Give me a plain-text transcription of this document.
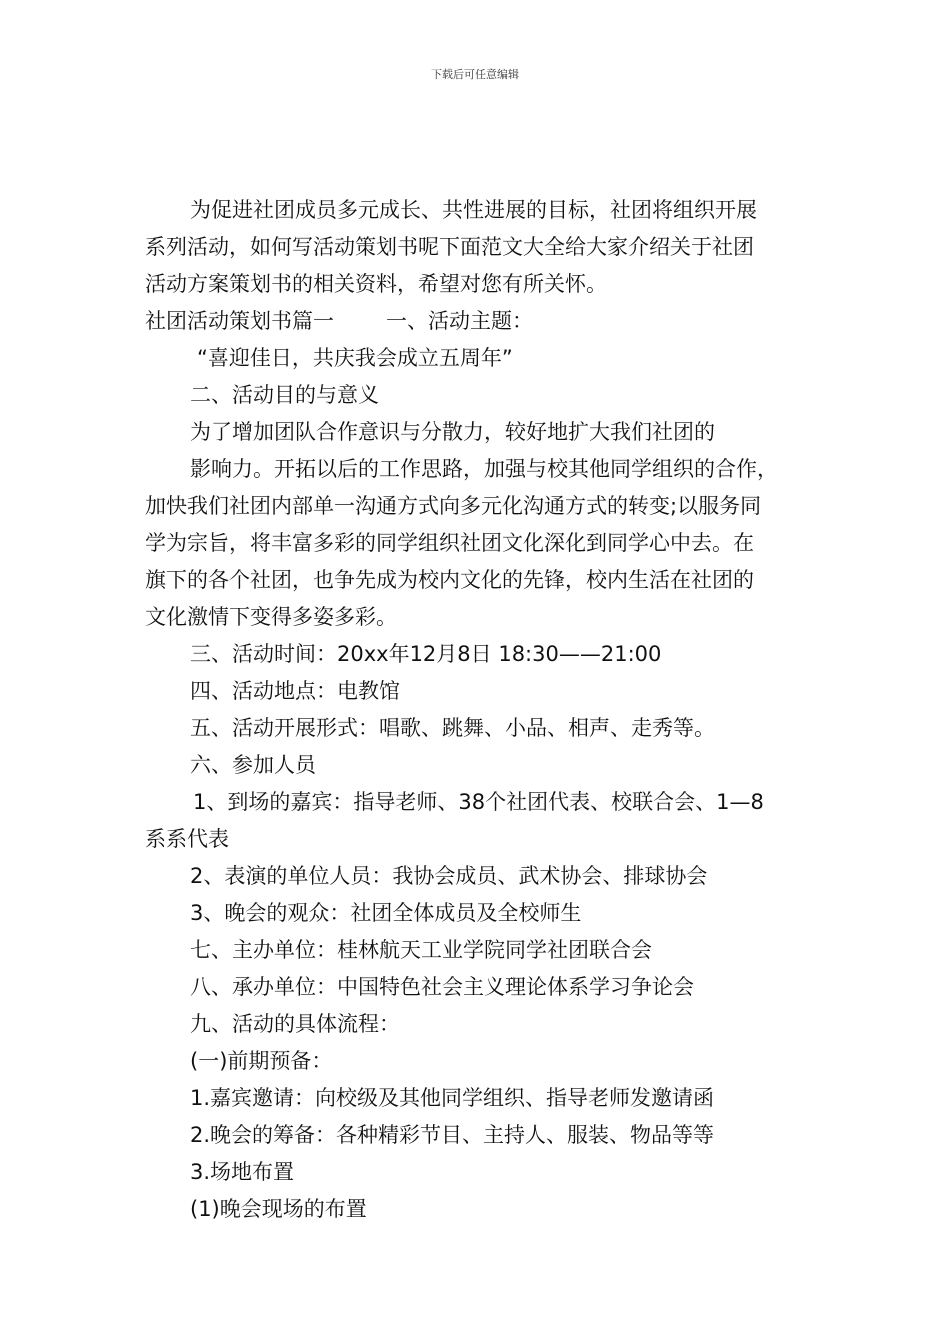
下载后可任意编辑
为促进社团成员多元成长、共性进展的目标，社团将组织开展
系列活动，如何写活动策划书呢下面范文大全给大家介绍关于社团
活动方案策划书的相关资料，希望对您有所关怀。
社团活动策划书篇一 一、活动主题：
“喜迎佳日，共庆我会成立五周年”
二、活动目的与意义
为了增加团队合作意识与分散力，较好地扩大我们社团的
影响力。开拓以后的工作思路，加强与校其他同学组织的合作，
加快我们社团内部单一沟通方式向多元化沟通方式的转变;以服务同
学为宗旨，将丰富多彩的同学组织社团文化深化到同学心中去。在
旗下的各个社团，也争先成为校内文化的先锋，校内生活在社团的
文化激情下变得多姿多彩。
三、活动时间：20xx年12月8日 18:30——21:00
四、活动地点：电教馆
五、活动开展形式：唱歌、跳舞、小品、相声、走秀等。
六、参加人员
1、到场的嘉宾：指导老师、38个社团代表、校联合会、1—8
系系代表
2、表演的单位人员：我协会成员、武术协会、排球协会
3、晚会的观众：社团全体成员及全校师生
七、主办单位：桂林航天工业学院同学社团联合会
八、承办单位：中国特色社会主义理论体系学习争论会
九、活动的具体流程：
(一)前期预备：
1.嘉宾邀请：向校级及其他同学组织、指导老师发邀请函
2.晚会的筹备：各种精彩节目、主持人、服装、物品等等
3.场地布置
(1)晚会现场的布置
